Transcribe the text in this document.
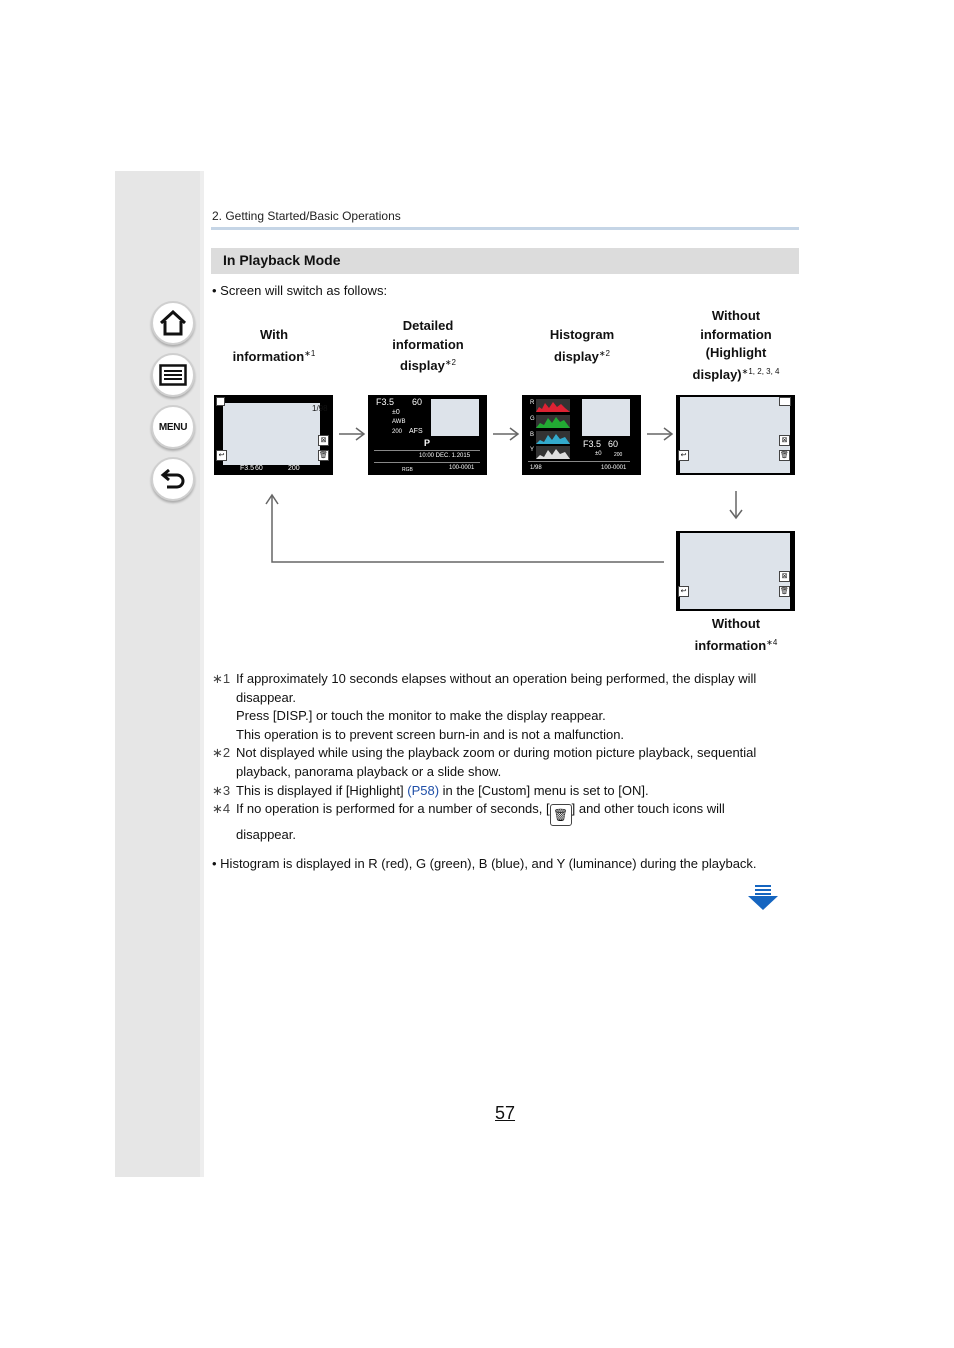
MENU
2. Getting Started/Basic Operations
In Playback Mode
• Screen will switch as follows:
With
information$^{∗1}$
Detailed
information
display$^{∗2}$
Histogram
display$^{∗2}$
Without
information
(Highlight
display)$^{∗1, 2, 3, 4}$
Without
information$^{∗4}$
1/98
⊠
🗑
↩
F3.5 60	200
F3.5 60
±0
AWB
200 AFS
P
10:00 DEC. 1.2015
RGB	100-0001
R
G
B
Y
F3.5 60
±0 200
1/98	100-0001
⊠
🗑
↩
⊠
🗑
↩
∗1 If approximately 10 seconds elapses without an operation being performed, the display will
disappear.
Press [DISP.] or touch the monitor to make the display reappear.
This operation is to prevent screen burn-in and is not a malfunction.
∗2 Not displayed while using the playback zoom or during motion picture playback, sequential
playback, panorama playback or a slide show.
∗3 This is displayed if [Highlight] (P58) in the [Custom] menu is set to [ON].
∗4 If no operation is performed for a number of seconds, [ 🗑 ] and other touch icons will
disappear.
• Histogram is displayed in R (red), G (green), B (blue), and Y (luminance) during the playback.
57
